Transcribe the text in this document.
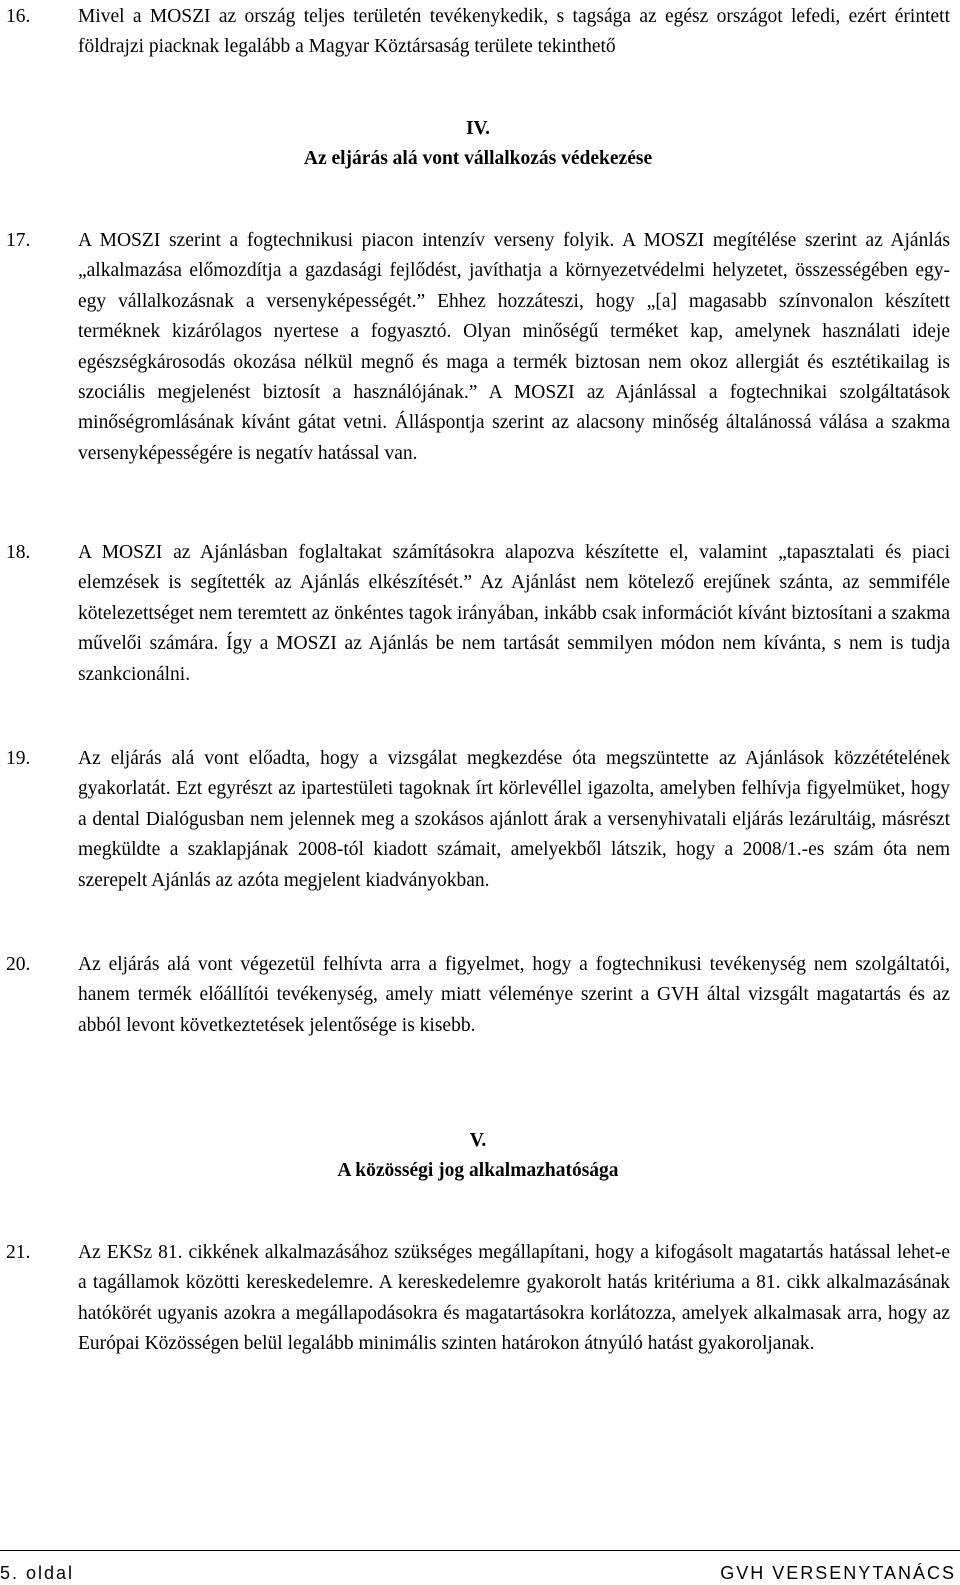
16.	Mivel a MOSZI az ország teljes területén tevékenykedik, s tagsága az egész országot lefedi, ezért érintett földrajzi piacknak legalább a Magyar Köztársaság területe tekinthető
IV.
Az eljárás alá vont vállalkozás védekezése
17.	A MOSZI szerint a fogtechnikusi piacon intenzív verseny folyik. A MOSZI megítélése szerint az Ajánlás „alkalmazása előmozdítja a gazdasági fejlődést, javíthatja a környezetvédelmi helyzetet, összességében egy-egy vállalkozásnak a versenyképességét.” Ehhez hozzáteszi, hogy „[a] magasabb színvonalon készített terméknek kizárólagos nyertese a fogyasztó. Olyan minőségű terméket kap, amelynek használati ideje egészségkárosodás okozása nélkül megnő és maga a termék biztosan nem okoz allergiát és esztétikailag is szociális megjelenést biztosít a használójának.” A MOSZI az Ajánlással a fogtechnikai szolgáltatások minőségromlásának kívánt gátat vetni. Álláspontja szerint az alacsony minőség általánossá válása a szakma versenyképességére is negatív hatással van.
18.	A MOSZI az Ajánlásban foglaltakat számításokra alapozva készítette el, valamint „tapasztalati és piaci elemzések is segítették az Ajánlás elkészítését.” Az Ajánlást nem kötelező erejűnek szánta, az semmiféle kötelezettséget nem teremtett az önkéntes tagok irányában, inkább csak információt kívánt biztosítani a szakma művelői számára. Így a MOSZI az Ajánlás be nem tartását semmilyen módon nem kívánta, s nem is tudja szankcionálni.
19.	Az eljárás alá vont előadta, hogy a vizsgálat megkezdése óta megszüntette az Ajánlások közzétételének gyakorlatát. Ezt egyrészt az ipartestületi tagoknak írt körlevéllel igazolta, amelyben felhívja figyelmüket, hogy a dental Dialógusban nem jelennek meg a szokásos ajánlott árak a versenyhivatali eljárás lezárultáig, másrészt megküldte a szaklapjának 2008-tól kiadott számait, amelyekből látszik, hogy a 2008/1.-es szám óta nem szerepelt Ajánlás az azóta megjelent kiadványokban.
20.	Az eljárás alá vont végezetül felhívta arra a figyelmet, hogy a fogtechnikusi tevékenység nem szolgáltatói, hanem termék előállítói tevékenység, amely miatt véleménye szerint a GVH által vizsgált magatartás és az abból levont következtetések jelentősége is kisebb.
V.
A közösségi jog alkalmazhatósága
21.	Az EKSz 81. cikkének alkalmazásához szükséges megállapítani, hogy a kifogásolt magatartás hatással lehet-e a tagállamok közötti kereskedelemre. A kereskedelemre gyakorolt hatás kritériuma a 81. cikk alkalmazásának hatókörét ugyanis azokra a megállapodásokra és magatartásokra korlátozza, amelyek alkalmasak arra, hogy az Európai Közösségen belül legalább minimális szinten határokon átnyúló hatást gyakoroljanak.
5. oldal	GVH VERSENYTANÁCS
